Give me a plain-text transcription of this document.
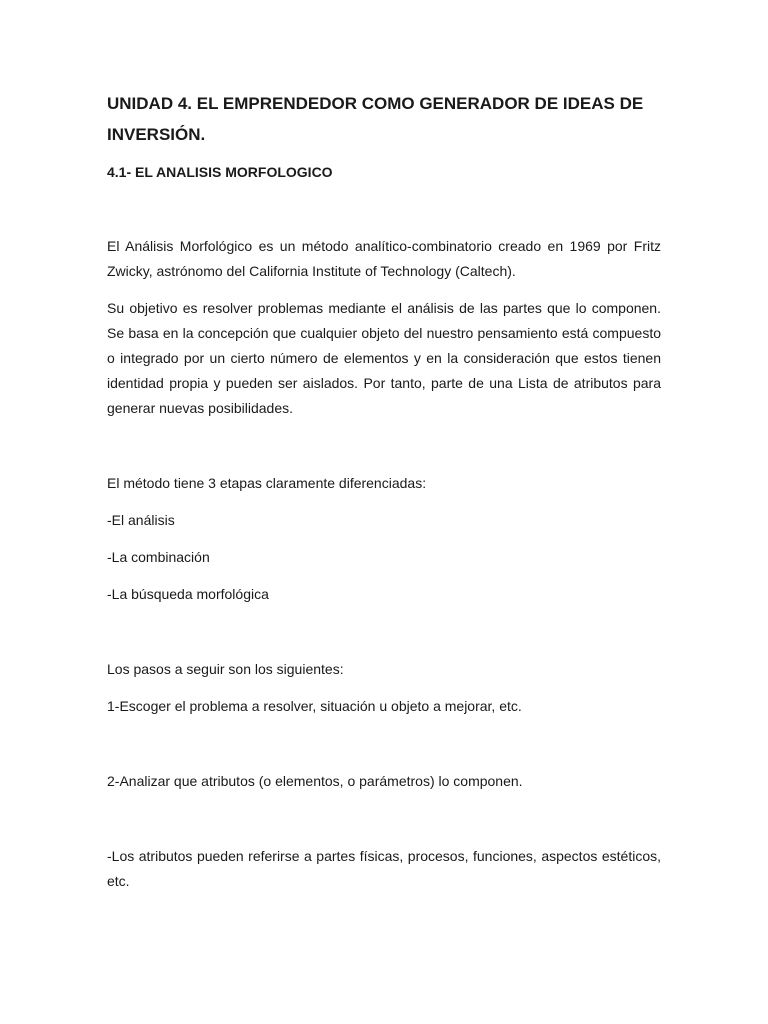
UNIDAD 4. EL EMPRENDEDOR COMO GENERADOR DE IDEAS DE INVERSIÓN.
4.1- EL ANALISIS MORFOLOGICO

El Análisis Morfológico es un método analítico-combinatorio creado en 1969 por Fritz Zwicky, astrónomo del California Institute of Technology (Caltech).

Su objetivo es resolver problemas mediante el análisis de las partes que lo componen. Se basa en la concepción que cualquier objeto del nuestro pensamiento está compuesto o integrado por un cierto número de elementos y en la consideración que estos tienen identidad propia y pueden ser aislados. Por tanto, parte de una Lista de atributos para generar nuevas posibilidades.

El método tiene 3 etapas claramente diferenciadas:

-El análisis

-La combinación

-La búsqueda morfológica

Los pasos a seguir son los siguientes:

1-Escoger el problema a resolver, situación u objeto a mejorar, etc.

2-Analizar que atributos (o elementos, o parámetros) lo componen.

-Los atributos pueden referirse a partes físicas, procesos, funciones, aspectos estéticos, etc.
